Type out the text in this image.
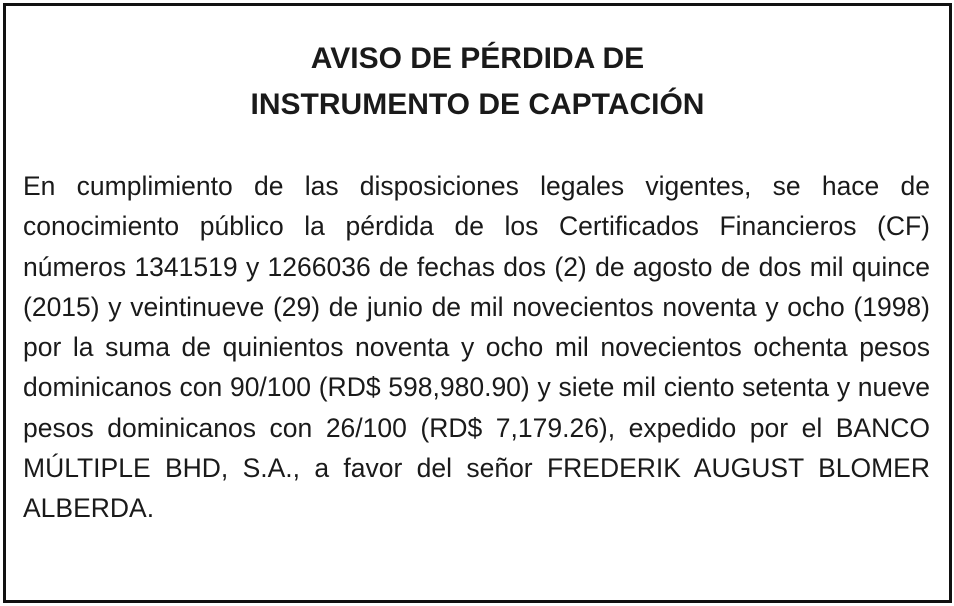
AVISO DE PÉRDIDA DE
INSTRUMENTO DE CAPTACIÓN

En cumplimiento de las disposiciones legales vigentes, se hace de conocimiento público la pérdida de los Certificados Financieros (CF) números 1341519 y 1266036 de fechas dos (2) de agosto de dos mil quince (2015) y veintinueve (29) de junio de mil novecientos noventa y ocho (1998) por la suma de quinientos noventa y ocho mil novecientos ochenta pesos dominicanos con 90/100 (RD$ 598,980.90) y siete mil ciento setenta y nueve pesos dominicanos con 26/100 (RD$ 7,179.26), expedido por el BANCO MÚLTIPLE BHD, S.A., a favor del señor FREDERIK AUGUST BLOMER ALBERDA.
